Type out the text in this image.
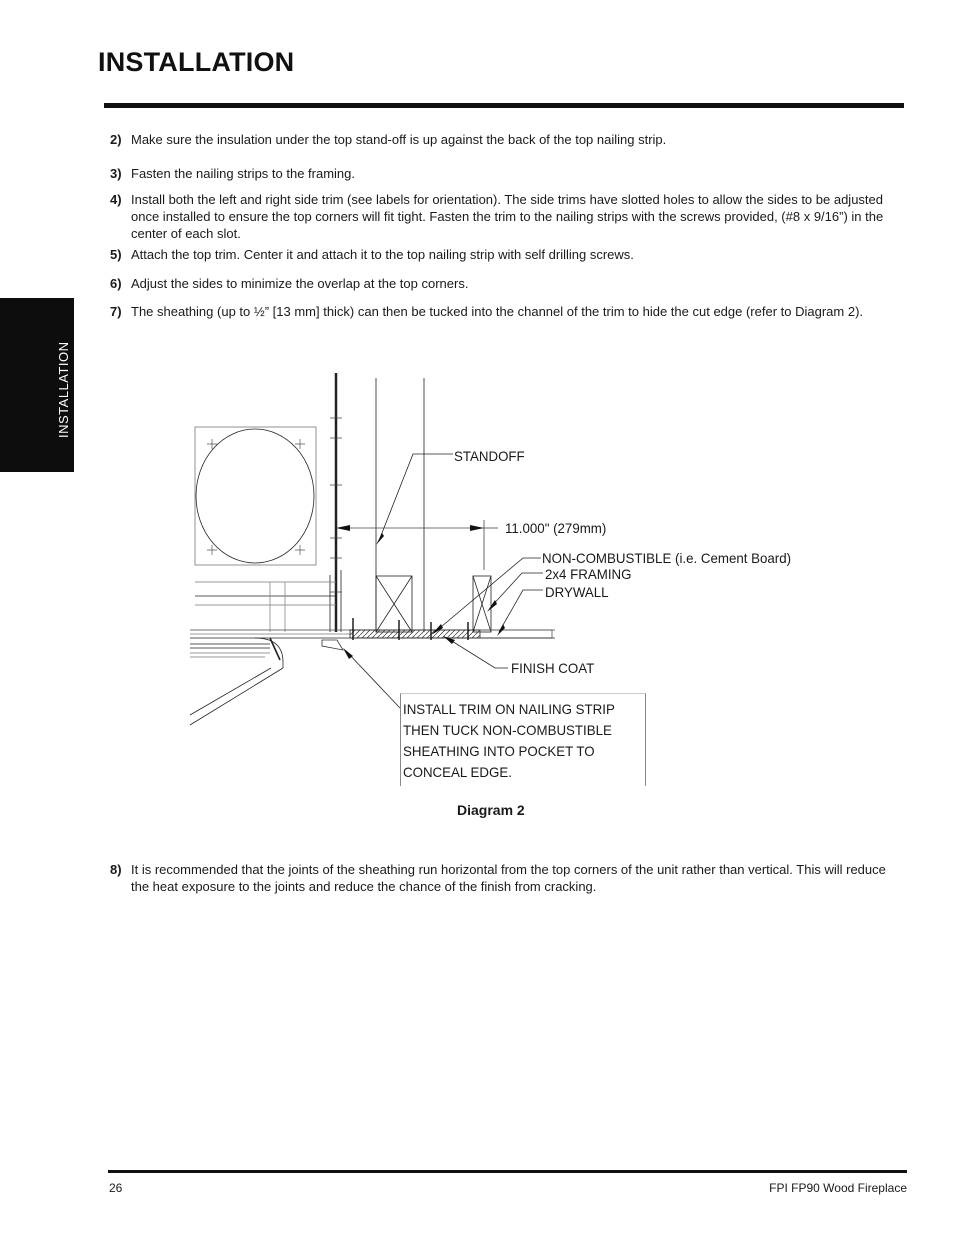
INSTALLATION
INSTALLATION
2) Make sure the insulation under the top stand-off is up against the back of the top nailing strip.
3) Fasten the nailing strips to the framing.
4) Install both the left and right side trim (see labels for orientation). The side trims have slotted holes to allow the sides to be adjusted once installed to ensure the top corners will fit tight. Fasten the trim to the nailing strips with the screws provided, (#8 x 9/16”) in the center of each slot.
5) Attach the top trim. Center it and attach it to the top nailing strip with self drilling screws.
6) Adjust the sides to minimize the overlap at the top corners.
7) The sheathing (up to ½” [13 mm] thick) can then be tucked into the channel of the trim to hide the cut edge (refer to Diagram 2).
STANDOFF
11.000" (279mm)
NON-COMBUSTIBLE (i.e. Cement Board)
2x4 FRAMING
DRYWALL
FINISH COAT
INSTALL TRIM ON NAILING STRIP
THEN TUCK NON-COMBUSTIBLE
SHEATHING INTO POCKET TO
CONCEAL EDGE.
Diagram 2
8) It is recommended that the joints of the sheathing run horizontal from the top corners of the unit rather than vertical. This will reduce the heat exposure to the joints and reduce the chance of the finish from cracking.
26	FPI FP90 Wood Fireplace
